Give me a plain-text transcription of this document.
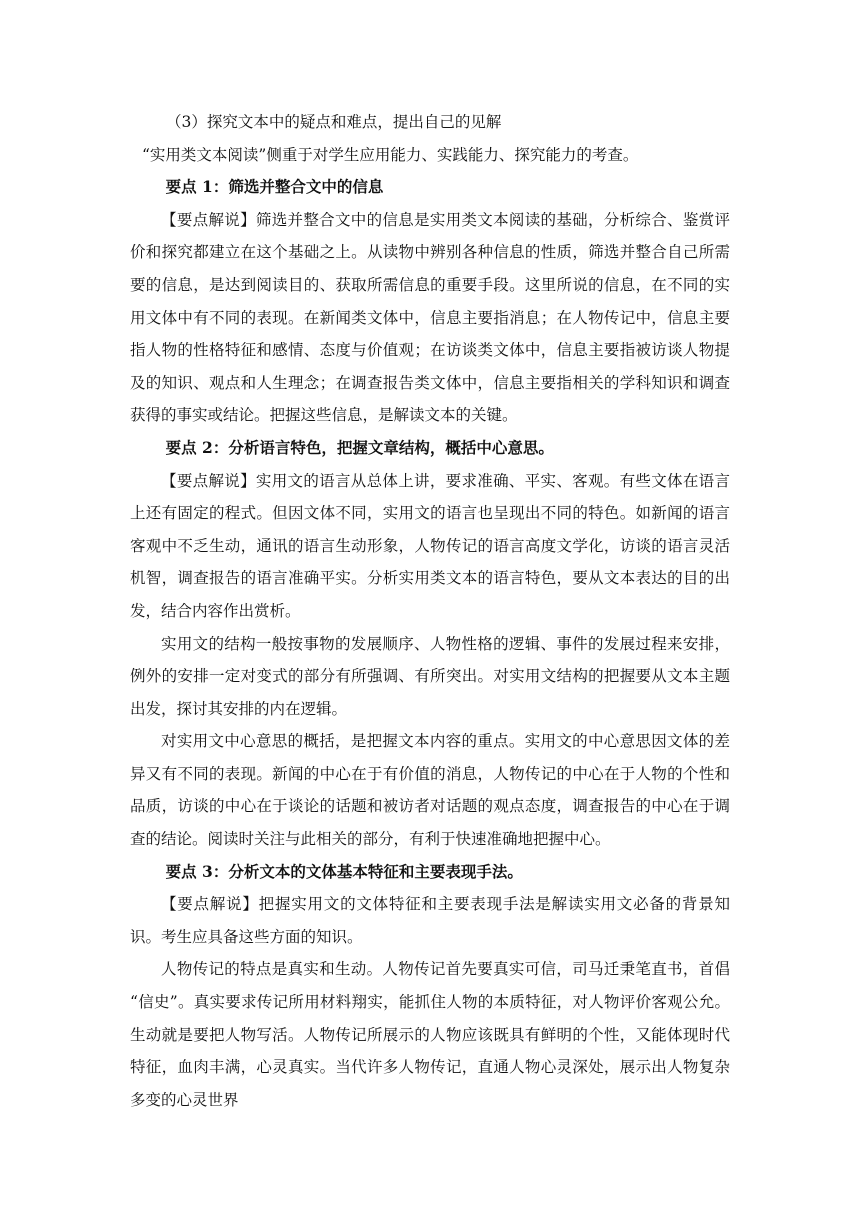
（3）探究文本中的疑点和难点，提出自己的见解
“实用类文本阅读”侧重于对学生应用能力、实践能力、探究能力的考查。
要点 1：筛选并整合文中的信息

【要点解说】筛选并整合文中的信息是实用类文本阅读的基础，分析综合、鉴赏评价和探究都建立在这个基础之上。从读物中辨别各种信息的性质，筛选并整合自己所需要的信息，是达到阅读目的、获取所需信息的重要手段。这里所说的信息，在不同的实用文体中有不同的表现。在新闻类文体中，信息主要指消息；在人物传记中，信息主要指人物的性格特征和感情、态度与价值观；在访谈类文体中，信息主要指被访谈人物提及的知识、观点和人生理念；在调查报告类文体中，信息主要指相关的学科知识和调查获得的事实或结论。把握这些信息，是解读文本的关键。

要点 2：分析语言特色，把握文章结构，概括中心意思。

【要点解说】实用文的语言从总体上讲，要求准确、平实、客观。有些文体在语言上还有固定的程式。但因文体不同，实用文的语言也呈现出不同的特色。如新闻的语言客观中不乏生动，通讯的语言生动形象，人物传记的语言高度文学化，访谈的语言灵活机智，调查报告的语言准确平实。分析实用类文本的语言特色，要从文本表达的目的出发，结合内容作出赏析。

实用文的结构一般按事物的发展顺序、人物性格的逻辑、事件的发展过程来安排，例外的安排一定对变式的部分有所强调、有所突出。对实用文结构的把握要从文本主题出发，探讨其安排的内在逻辑。

对实用文中心意思的概括，是把握文本内容的重点。实用文的中心意思因文体的差异又有不同的表现。新闻的中心在于有价值的消息，人物传记的中心在于人物的个性和品质，访谈的中心在于谈论的话题和被访者对话题的观点态度，调查报告的中心在于调查的结论。阅读时关注与此相关的部分，有利于快速准确地把握中心。

要点 3：分析文本的文体基本特征和主要表现手法。

【要点解说】把握实用文的文体特征和主要表现手法是解读实用文必备的背景知识。考生应具备这些方面的知识。

人物传记的特点是真实和生动。人物传记首先要真实可信，司马迁秉笔直书，首倡 “信史”。真实要求传记所用材料翔实，能抓住人物的本质特征，对人物评价客观公允。生动就是要把人物写活。人物传记所展示的人物应该既具有鲜明的个性，又能体现时代特征，血肉丰满，心灵真实。当代许多人物传记，直通人物心灵深处，展示出人物复杂多变的心灵世界
